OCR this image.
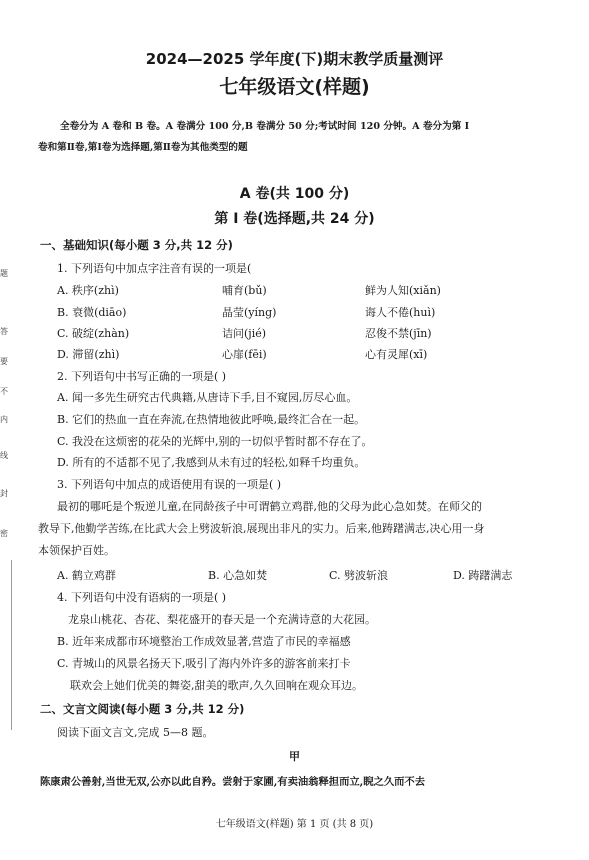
题
答
要
不
内
线
封
密
2024—2025 学年度(下)期末教学质量测评
七年级语文(样题)
全卷分为 A 卷和 B 卷。A 卷满分 100 分,B 卷满分 50 分;考试时间 120 分钟。A 卷分为第 Ⅰ
卷和第Ⅱ卷,第Ⅰ卷为选择题,第Ⅱ卷为其他类型的题
A 卷(共 100 分)
第 Ⅰ 卷(选择题,共 24 分)
一、基础知识(每小题 3 分,共 12 分)
1. 下列语句中加点字注音有误的一项是(
A. 秩序(zhì)	哺育(bǔ)	鲜为人知(xiǎn)
B. 衰微(diāo)	晶莹(yíng)	诲人不倦(huì)
C. 破绽(zhàn)	诘问(jié)	忍俊不禁(jīn)
D. 滞留(zhì)	心扉(fēi)	心有灵犀(xī)
2. 下列语句中书写正确的一项是( )
A. 闻一多先生研究古代典籍,从唐诗下手,目不窥园,厉尽心血。
B. 它们的热血一直在奔流,在热情地彼此呼唤,最终汇合在一起。
C. 我没在这烦密的花朵的光辉中,别的一切似乎暂时都不存在了。
D. 所有的不适都不见了,我感到从未有过的轻松,如释千均重负。
3. 下列语句中加点的成语使用有误的一项是( )
最初的哪吒是个叛逆儿童,在同龄孩子中可谓鹤立鸡群,他的父母为此心急如焚。在师父的
教导下,他勤学苦练,在比武大会上劈波斩浪,展现出非凡的实力。后来,他踌躇满志,决心用一身
本领保护百姓。
A. 鹤立鸡群	B. 心急如焚	C. 劈波斩浪	D. 踌躇满志
4. 下列语句中没有语病的一项是( )
龙泉山桃花、杏花、梨花盛开的春天是一个充满诗意的大花园。
B. 近年来成都市环境整治工作成效显著,营造了市民的幸福感
C. 青城山的风景名扬天下,吸引了海内外许多的游客前来打卡
联欢会上她们优美的舞姿,甜美的歌声,久久回响在观众耳边。
二、文言文阅读(每小题 3 分,共 12 分)
阅读下面文言文,完成 5—8 题。
甲
陈康肃公善射,当世无双,公亦以此自矜。尝射于家圃,有卖油翁释担而立,睨之久而不去
七年级语文(样题) 第 1 页 (共 8 页)
